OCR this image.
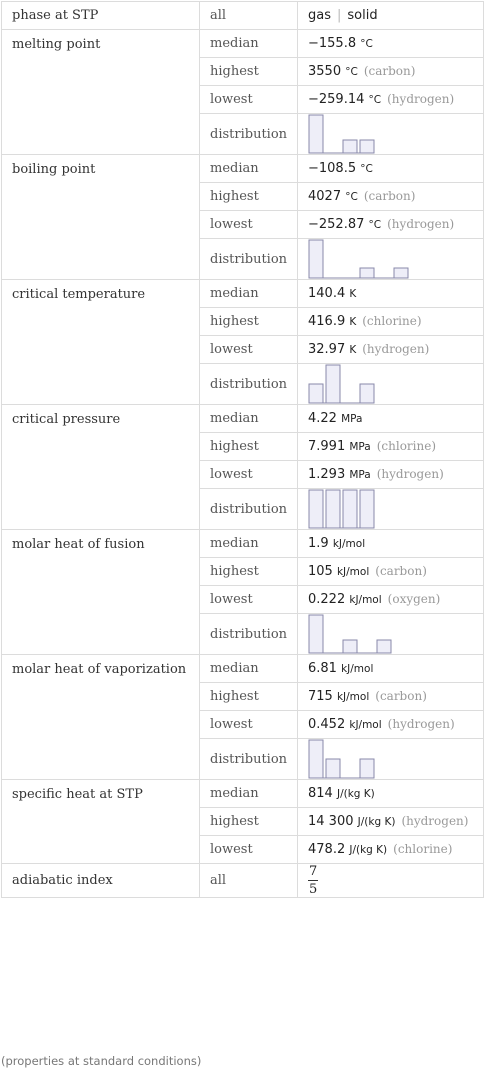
phase at STP	all	gas | solid
melting point	median	−155.8 °C
	highest	3550 °C (carbon)
	lowest	−259.14 °C (hydrogen)
	distribution	

boiling point	median	−108.5 °C
	highest	4027 °C (carbon)
	lowest	−252.87 °C (hydrogen)
	distribution	

critical temperature	median	140.4 K
	highest	416.9 K (chlorine)
	lowest	32.97 K (hydrogen)
	distribution	

critical pressure	median	4.22 MPa
	highest	7.991 MPa (chlorine)
	lowest	1.293 MPa (hydrogen)
	distribution	

molar heat of fusion	median	1.9 kJ/mol
	highest	105 kJ/mol (carbon)
	lowest	0.222 kJ/mol (oxygen)
	distribution	

molar heat of vaporization	median	6.81 kJ/mol
	highest	715 kJ/mol (carbon)
	lowest	0.452 kJ/mol (hydrogen)
	distribution	

specific heat at STP	median	814 J/(kg K)
	highest	14 300 J/(kg K) (hydrogen)
	lowest	478.2 J/(kg K) (chlorine)
adiabatic index	all	$\frac{7}{5}$
(properties at standard conditions)
